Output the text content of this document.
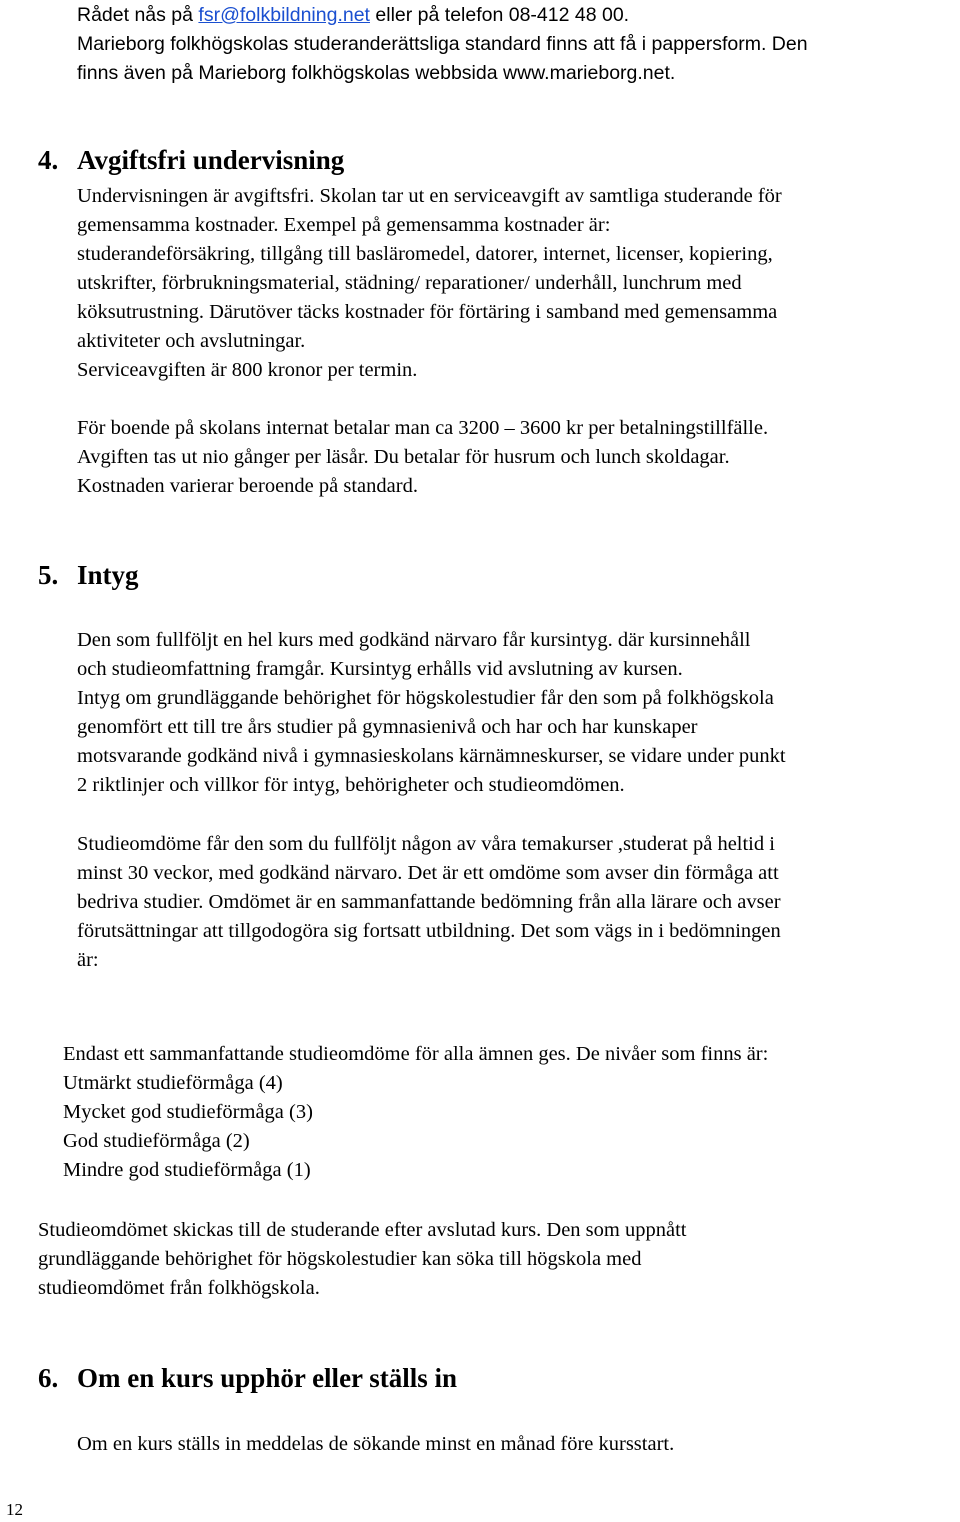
Rådet nås på fsr@folkbildning.net eller på telefon 08-412 48 00.
Marieborg folkhögskolas studeranderättsliga standard finns att få i pappersform. Den
finns även på Marieborg folkhögskolas webbsida www.marieborg.net.
4. Avgiftsfri undervisning
Undervisningen är avgiftsfri. Skolan tar ut en serviceavgift av samtliga studerande för
gemensamma kostnader. Exempel på gemensamma kostnader är:
studerandeförsäkring, tillgång till basläromedel, datorer, internet, licenser, kopiering,
utskrifter, förbrukningsmaterial, städning/ reparationer/ underhåll, lunchrum med
köksutrustning. Därutöver täcks kostnader för förtäring i samband med gemensamma
aktiviteter och avslutningar.
Serviceavgiften är 800 kronor per termin.
För boende på skolans internat betalar man ca 3200 – 3600 kr per betalningstillfälle.
Avgiften tas ut nio gånger per läsår. Du betalar för husrum och lunch skoldagar.
Kostnaden varierar beroende på standard.
5. Intyg
Den som fullföljt en hel kurs med godkänd närvaro får kursintyg. där kursinnehåll
och studieomfattning framgår. Kursintyg erhålls vid avslutning av kursen.
Intyg om grundläggande behörighet för högskolestudier får den som på folkhögskola
genomfört ett till tre års studier på gymnasienivå och har och har kunskaper
motsvarande godkänd nivå i gymnasieskolans kärnämneskurser, se vidare under punkt
2 riktlinjer och villkor för intyg, behörigheter och studieomdömen.
Studieomdöme får den som du fullföljt någon av våra temakurser ,studerat på heltid i
minst 30 veckor, med godkänd närvaro. Det är ett omdöme som avser din förmåga att
bedriva studier. Omdömet är en sammanfattande bedömning från alla lärare och avser
förutsättningar att tillgodogöra sig fortsatt utbildning. Det som vägs in i bedömningen
är:
Endast ett sammanfattande studieomdöme för alla ämnen ges. De nivåer som finns är:
Utmärkt studieförmåga (4)
Mycket god studieförmåga (3)
God studieförmåga (2)
Mindre god studieförmåga (1)
Studieomdömet skickas till de studerande efter avslutad kurs. Den som uppnått
grundläggande behörighet för högskolestudier kan söka till högskola med
studieomdömet från folkhögskola.
6. Om en kurs upphör eller ställs in
Om en kurs ställs in meddelas de sökande minst en månad före kursstart.
12
